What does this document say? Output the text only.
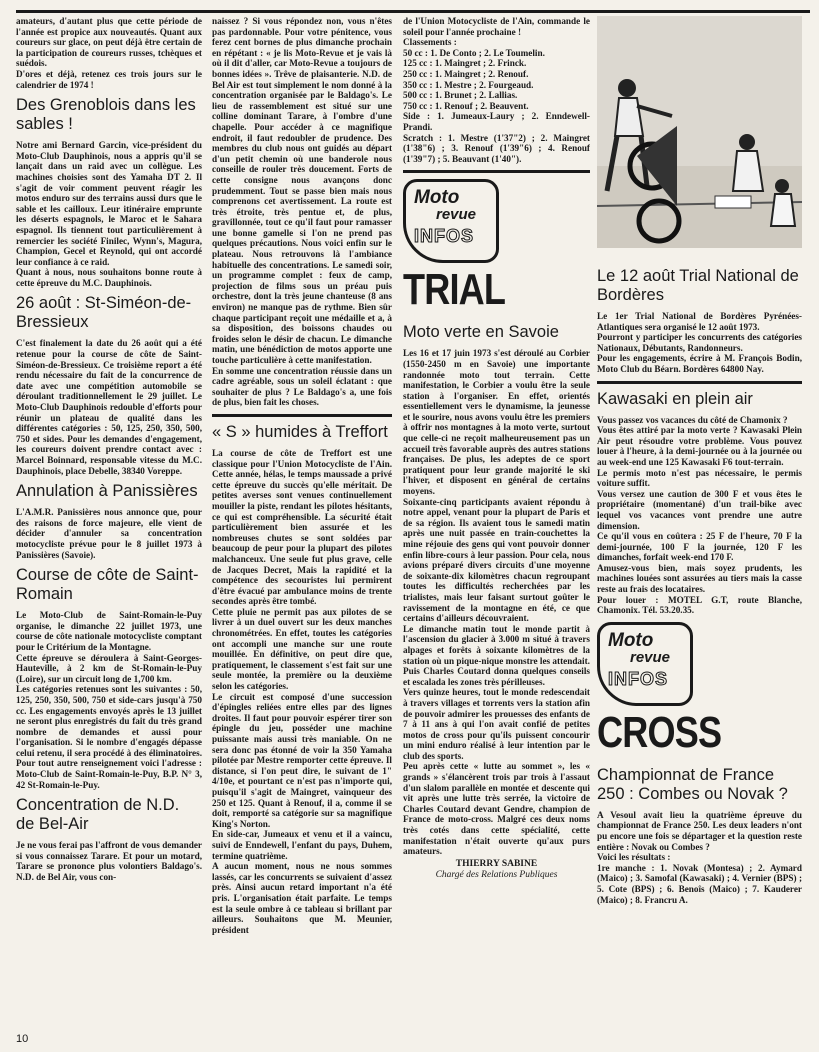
amateurs, d'autant plus que cette période de l'année est propice aux nouveautés. Quant aux coureurs sur glace, on peut déjà être certain de la participation de coureurs russes, tchèques et suédois.
D'ores et déjà, retenez ces trois jours sur le calendrier de 1974 !

Des Grenoblois dans les sables !

Notre ami Bernard Garcin, vice-président du Moto-Club Dauphinois, nous a appris qu'il se lançait dans un raid avec un collègue. Les machines choisies sont des Yamaha DT 2. Il s'agit de voir comment peuvent réagir les motos enduro sur des terrains aussi durs que le sable et les cailloux. Leur itinéraire emprunte les déserts espagnols, le Maroc et le Sahara espagnol. Ils tiennent tout particulièrement à remercier les société Finilec, Wynn's, Magura, Champion, Gecel et Reynold, qui ont accordé leur confiance à ce raid.
Quant à nous, nous souhaitons bonne route à cette épreuve du M.C. Dauphinois.

26 août : St-Siméon-de-Bressieux

C'est finalement la date du 26 août qui a été retenue pour la course de côte de Saint-Siméon-de-Bressieux. Ce troisième report a été rendu nécessaire du fait de la concurrence de date avec une compétition automobile se déroulant traditionnellement le 29 juillet. Le Moto-Club Dauphinois redouble d'efforts pour réunir un plateau de qualité dans les différentes catégories : 50, 125, 250, 350, 500, 750 et sides. Pour les demandes d'engagement, les coureurs doivent prendre contact avec : Marcel Boinnard, responsable vitesse du M.C. Dauphinois, place Debelle, 38340 Voreppe.

Annulation à Panissières

L'A.M.R. Panissières nous annonce que, pour des raisons de force majeure, elle vient de décider d'annuler sa concentration motocycliste prévue pour le 8 juillet 1973 à Panissières (Savoie).

Course de côte de Saint-Romain

Le Moto-Club de Saint-Romain-le-Puy organise, le dimanche 22 juillet 1973, une course de côte nationale motocycliste comptant pour le Critérium de la Montagne.
Cette épreuve se déroulera à Saint-Georges-Hauteville, à 2 km de St-Romain-le-Puy (Loire), sur un circuit long de 1,700 km.
Les catégories retenues sont les suivantes : 50, 125, 250, 350, 500, 750 et side-cars jusqu'à 750 cc. Les engagements envoyés après le 13 juillet ne seront plus enregistrés du fait du très grand nombre de demandes et aussi pour l'organisation. Si le nombre d'engagés dépasse celui retenu, il sera procédé à des éliminatoires. Pour tout autre renseignement voici l'adresse : Moto-Club de Saint-Romain-le-Puy, B.P. N° 3, 42 St-Romain-le-Puy.

Concentration de N.D. de Bel-Air

Je ne vous ferai pas l'affront de vous demander si vous connaissez Tarare. Et pour un motard, Tarare se prononce plus volontiers Baldago's. N.D. de Bel Air, vous con-

naissez ? Si vous répondez non, vous n'êtes pas pardonnable. Pour votre pénitence, vous ferez cent bornes de plus dimanche prochain en répétant : « je lis Moto-Revue et je vais là où il dit d'aller, car Moto-Revue a toujours de bonnes idées ». Trêve de plaisanterie. N.D. de Bel Air est tout simplement le nom donné à la concentration organisée par le Baldago's. Le lieu de rassemblement est situé sur une colline dominant Tarare, à l'ombre d'une chapelle. Pour accéder à ce magnifique endroit, il faut redoubler de prudence. Des membres du club nous ont guidés au départ d'un petit chemin où une banderole nous conseille de rouler très doucement. Forts de cette consigne nous avançons donc prudemment. Tout se passe bien mais nous comprenons cet avertissement. La route est très étroite, très pentue et, de plus, gravillonnée, tout ce qu'il faut pour ramasser une bonne gamelle si l'on ne prend pas quelques précautions. Nous voici enfin sur le plateau. Nous retrouvons là l'ambiance habituelle des concentrations. Le samedi soir, un programme complet : feux de camp, projection de films sous un préau puis orchestre, dont la très jeune chanteuse (8 ans environ) ne manque pas de rythme. Bien sûr chaque participant reçoit une médaille et a, à sa disposition, des boissons chaudes ou froides selon le désir de chacun. Le dimanche matin, une bénédiction de motos apporte une touche particulière à cette manifestation.
En somme une concentration réussie dans un cadre agréable, sous un soleil éclatant : que souhaiter de plus ? Le Baldago's a, une fois de plus, bien fait les choses.

« S » humides à Treffort

La course de côte de Treffort est une classique pour l'Union Motocycliste de l'Ain. Cette année, hélas, le temps maussade a privé cette épreuve du succès qu'elle méritait. De petites averses sont venues continuellement mouiller la piste, rendant les pilotes hésitants, ce qui est compréhensible. La sécurité était particulièrement bien assurée et les nombreuses chutes se sont soldées par beaucoup de peur pour la plupart des pilotes malchanceux. Une seule fut plus grave, celle de Jacques Decret, Mais la rapidité et la compétence des secouristes lui permirent d'être évacué par ambulance moins de trente secondes après être tombé.
Cette pluie ne permit pas aux pilotes de se livrer à un duel ouvert sur les deux manches chronométrées. En effet, toutes les catégories ont accompli une manche sur une route mouillée. En définitive, on peut dire que, pratiquement, le classement s'est fait sur une seule montée, la première ou la deuxième selon les catégories.
Le circuit est composé d'une succession d'épingles reliées entre elles par des lignes droites. Il faut pour pouvoir espérer tirer son épingle du jeu, posséder une machine puissante mais aussi très maniable. On ne sera donc pas étonné de voir la 350 Yamaha pilotée par Mestre remporter cette épreuve. Il distance, si l'on peut dire, le suivant de 1" 4/10e, et pourtant ce n'est pas n'importe qui, puisqu'il s'agit de Maingret, vainqueur des 250 et 125. Quant à Renouf, il a, comme il se doit, remporté sa catégorie sur sa magnifique King's Norton.
En side-car, Jumeaux et venu et il a vaincu, suivi de Enndewell, l'enfant du pays, Duhem, termine quatrième.
A aucun moment, nous ne nous sommes lassés, car les concurrents se suivaient d'assez près. Ainsi aucun retard important n'a été pris. L'organisation était parfaite. Le temps est la seule ombre à ce tableau si brillant par ailleurs. Souhaitons que M. Meunier, président

de l'Union Motocycliste de l'Ain, commande le soleil pour l'année prochaine !
Classements :
50 cc : 1. De Conto ; 2. Le Toumelin.
125 cc : 1. Maingret ; 2. Frinck.
250 cc : 1. Maingret ; 2. Renouf.
350 cc : 1. Mestre ; 2. Fourgeaud.
500 cc : 1. Brunet ; 2. Lallias.
750 cc : 1. Renouf ; 2. Beauvent.
Side : 1. Jumeaux-Laury ; 2. Enndewell-Prandi.
Scratch : 1. Mestre (1'37"2) ; 2. Maingret (1'38"6) ; 3. Renouf (1'39"6) ; 4. Renouf (1'39"7) ; 5. Beauvant (1'40").

Moto
revue
INFOS
TRIAL
Moto verte en Savoie

Les 16 et 17 juin 1973 s'est déroulé au Corbier (1550-2450 m en Savoie) une importante randonnée moto tout terrain. Cette manifestation, le Corbier a voulu être la seule station à l'organiser. En effet, orientés essentiellement vers le dynamisme, la jeunesse et le sourire, nous avons voulu être les premiers à offrir nos montagnes à la moto verte, surtout que celle-ci ne reçoit malheureusement pas un accueil très favorable auprès des autres stations françaises. De plus, les adeptes de ce sport pratiquent pour leur grande majorité le ski l'hiver, et disposent en général de certains moyens.
Soixante-cinq participants avaient répondu à notre appel, venant pour la plupart de Paris et de sa région. Ils avaient tous le samedi matin après une nuit passée en train-couchettes la mine réjouie des gens qui vont pouvoir donner enfin libre-cours à leur passion. Pour cela, nous avions préparé divers circuits d'une moyenne de soixante-dix kilomètres chacun regroupant toutes les difficultés recherchées par les trialistes, mais leur faisant surtout goûter le ravissement de la montagne en été, ce que certains d'ailleurs découvraient.
Le dimanche matin tout le monde partit à l'ascension du glacier à 3.000 m situé à travers alpages et forêts à soixante kilomètres de la station où un pique-nique monstre les attendait.
Puis Charles Coutard donna quelques conseils et escalada les zones très périlleuses.
Vers quinze heures, tout le monde redescendait à travers villages et torrents vers la station afin de pouvoir admirer les prouesses des enfants de 7 à 11 ans à qui l'on avait confié de petites motos de cross pour qu'ils puissent concourir un mini enduro réalisé à leur intention par le club des sports.
Peu après cette « lutte au sommet », les « grands » s'élancèrent trois par trois à l'assaut d'un slalom parallèle en montée et descente qui vit après une lutte très serrée, la victoire de Charles Coutard devant Gendre, champion de France de moto-cross. Malgré ces deux noms très cotés dans cette spécialité, cette manifestation n'était ouverte qu'aux purs amateurs.

THIERRY SABINE
Chargé des Relations Publiques
Le 12 août Trial National de Bordères

Le 1er Trial National de Bordères Pyrénées-Atlantiques sera organisé le 12 août 1973.
Pourront y participer les concurrents des catégories Nationaux, Débutants, Randonneurs.
Pour les engagements, écrire à M. François Bodin, Moto Club du Béarn. Bordères 64800 Nay.

Kawasaki en plein air

Vous passez vos vacances du côté de Chamonix ?
Vous êtes attiré par la moto verte ? Kawasaki Plein Air peut résoudre votre problème. Vous pouvez louer à l'heure, à la demi-journée ou à la journée ou au week-end une 125 Kawasaki F6 tout-terrain.
Le permis moto n'est pas nécessaire, le permis voiture suffit.
Vous versez une caution de 300 F et vous êtes le propriétaire (momentané) d'un trail-bike avec lequel vos vacances vont prendre une autre dimension.
Ce qu'il vous en coûtera : 25 F de l'heure, 70 F la demi-journée, 100 F la journée, 120 F les dimanches, forfait week-end 170 F.
Amusez-vous bien, mais soyez prudents, les machines louées sont assurées au tiers mais la casse reste au frais des locataires.
Pour louer : MOTEL G.T, route Blanche, Chamonix. Tél. 53.20.35.

Moto
revue
INFOS
CROSS
Championnat de France 250 : Combes ou Novak ?

A Vesoul avait lieu la quatrième épreuve du championnat de France 250. Les deux leaders n'ont pu encore une fois se départager et la question reste entière : Novak ou Combes ?
Voici les résultats :
1re manche : 1. Novak (Montesa) ; 2. Aymard (Maico) ; 3. Samofal (Kawasaki) ; 4. Vernier (BPS) ; 5. Cote (BPS) ; 6. Benoîs (Maico) ; 7. Kauderer (Maico) ; 8. Francru A.

10
